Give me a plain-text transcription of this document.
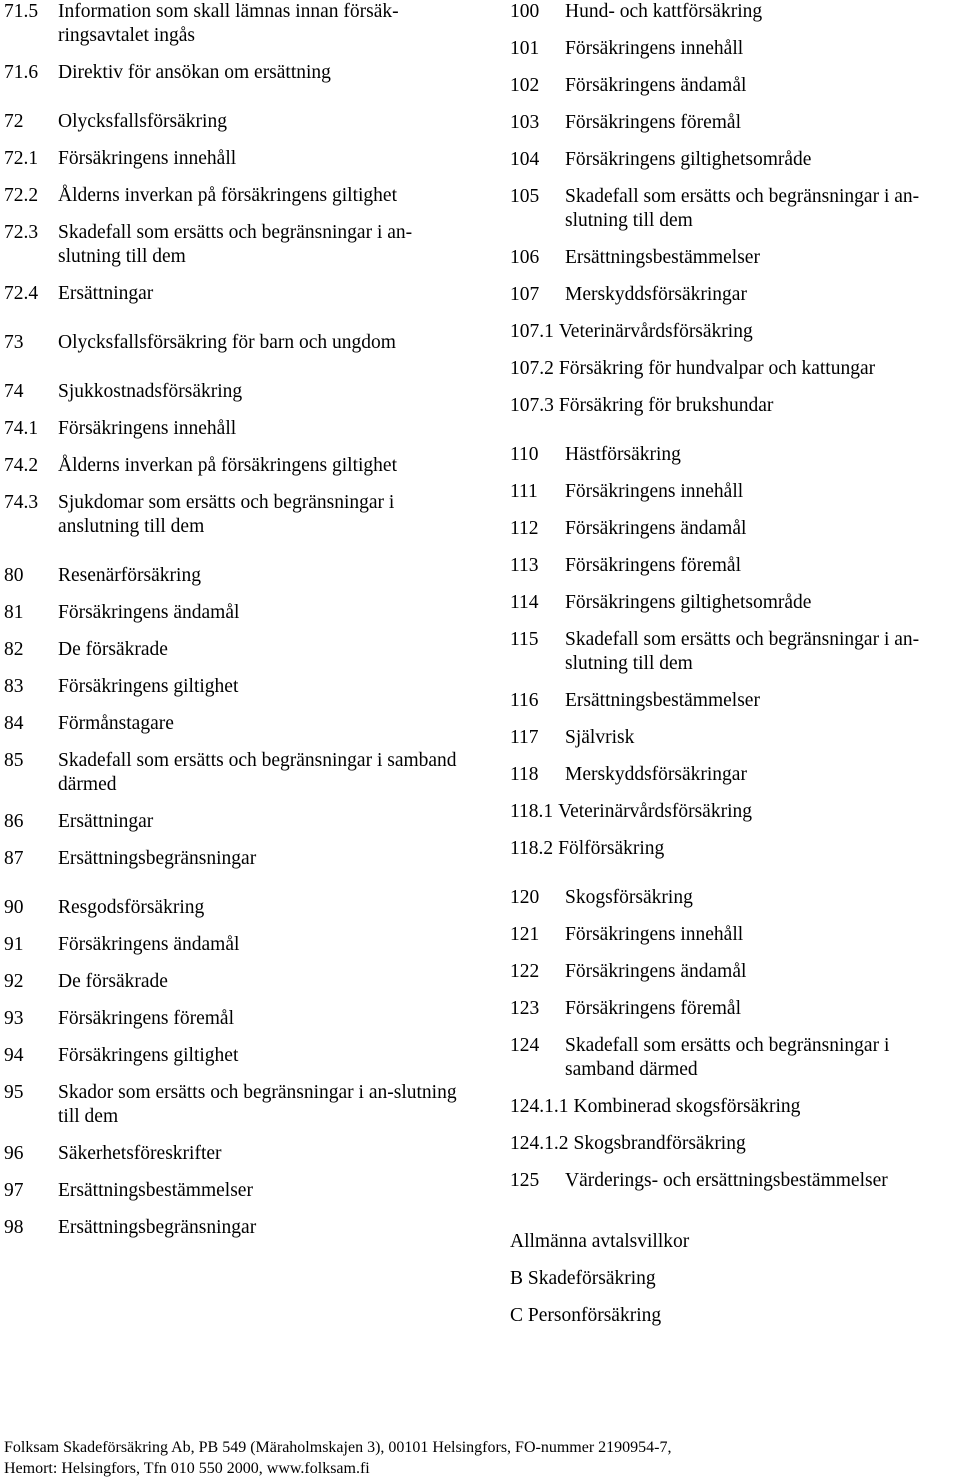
71.5	Information som skall lämnas innan försäk-ringsavtalet ingås
71.6	Direktiv för ansökan om ersättning
72	Olycksfallsförsäkring
72.1	Försäkringens innehåll
72.2	Ålderns inverkan på försäkringens giltighet
72.3	Skadefall som ersätts och begränsningar i an-slutning till dem
72.4	Ersättningar
73	Olycksfallsförsäkring för barn och ungdom
74	Sjukkostnadsförsäkring
74.1	Försäkringens innehåll
74.2	Ålderns inverkan på försäkringens giltighet
74.3	Sjukdomar som ersätts och begränsningar i anslutning till dem
80	Resenärförsäkring
81	Försäkringens ändamål
82	De försäkrade
83	Försäkringens giltighet
84	Förmånstagare
85	Skadefall som ersätts och begränsningar i samband därmed
86	Ersättningar
87	Ersättningsbegränsningar
90	Resgodsförsäkring
91	Försäkringens ändamål
92	De försäkrade
93	Försäkringens föremål
94	Försäkringens giltighet
95	Skador som ersätts och begränsningar i an-slutning till dem
96	Säkerhetsföreskrifter
97	Ersättningsbestämmelser
98	Ersättningsbegränsningar
100	Hund- och kattförsäkring
101	Försäkringens innehåll
102	Försäkringens ändamål
103	Försäkringens föremål
104	Försäkringens giltighetsområde
105	Skadefall som ersätts och begränsningar i an-slutning till dem
106	Ersättningsbestämmelser
107	Merskyddsförsäkringar
107.1 Veterinärvårdsförsäkring
107.2 Försäkring för hundvalpar och kattungar
107.3 Försäkring för brukshundar
110	Hästförsäkring
111	Försäkringens innehåll
112	Försäkringens ändamål
113	Försäkringens föremål
114	Försäkringens giltighetsområde
115	Skadefall som ersätts och begränsningar i an-slutning till dem
116	Ersättningsbestämmelser
117	Självrisk
118	Merskyddsförsäkringar
118.1 Veterinärvårdsförsäkring
118.2 Fölförsäkring
120	Skogsförsäkring
121	Försäkringens innehåll
122	Försäkringens ändamål
123	Försäkringens föremål
124	Skadefall som ersätts och begränsningar i samband därmed
124.1.1 Kombinerad skogsförsäkring
124.1.2 Skogsbrandförsäkring
125	Värderings- och ersättningsbestämmelser
Allmänna avtalsvillkor
B Skadeförsäkring
C Personförsäkring
Folksam Skadeförsäkring Ab, PB 549 (Märaholmskajen 3), 00101 Helsingfors, FO-nummer 2190954-7,
Hemort: Helsingfors, Tfn 010 550 2000, www.folksam.fi
